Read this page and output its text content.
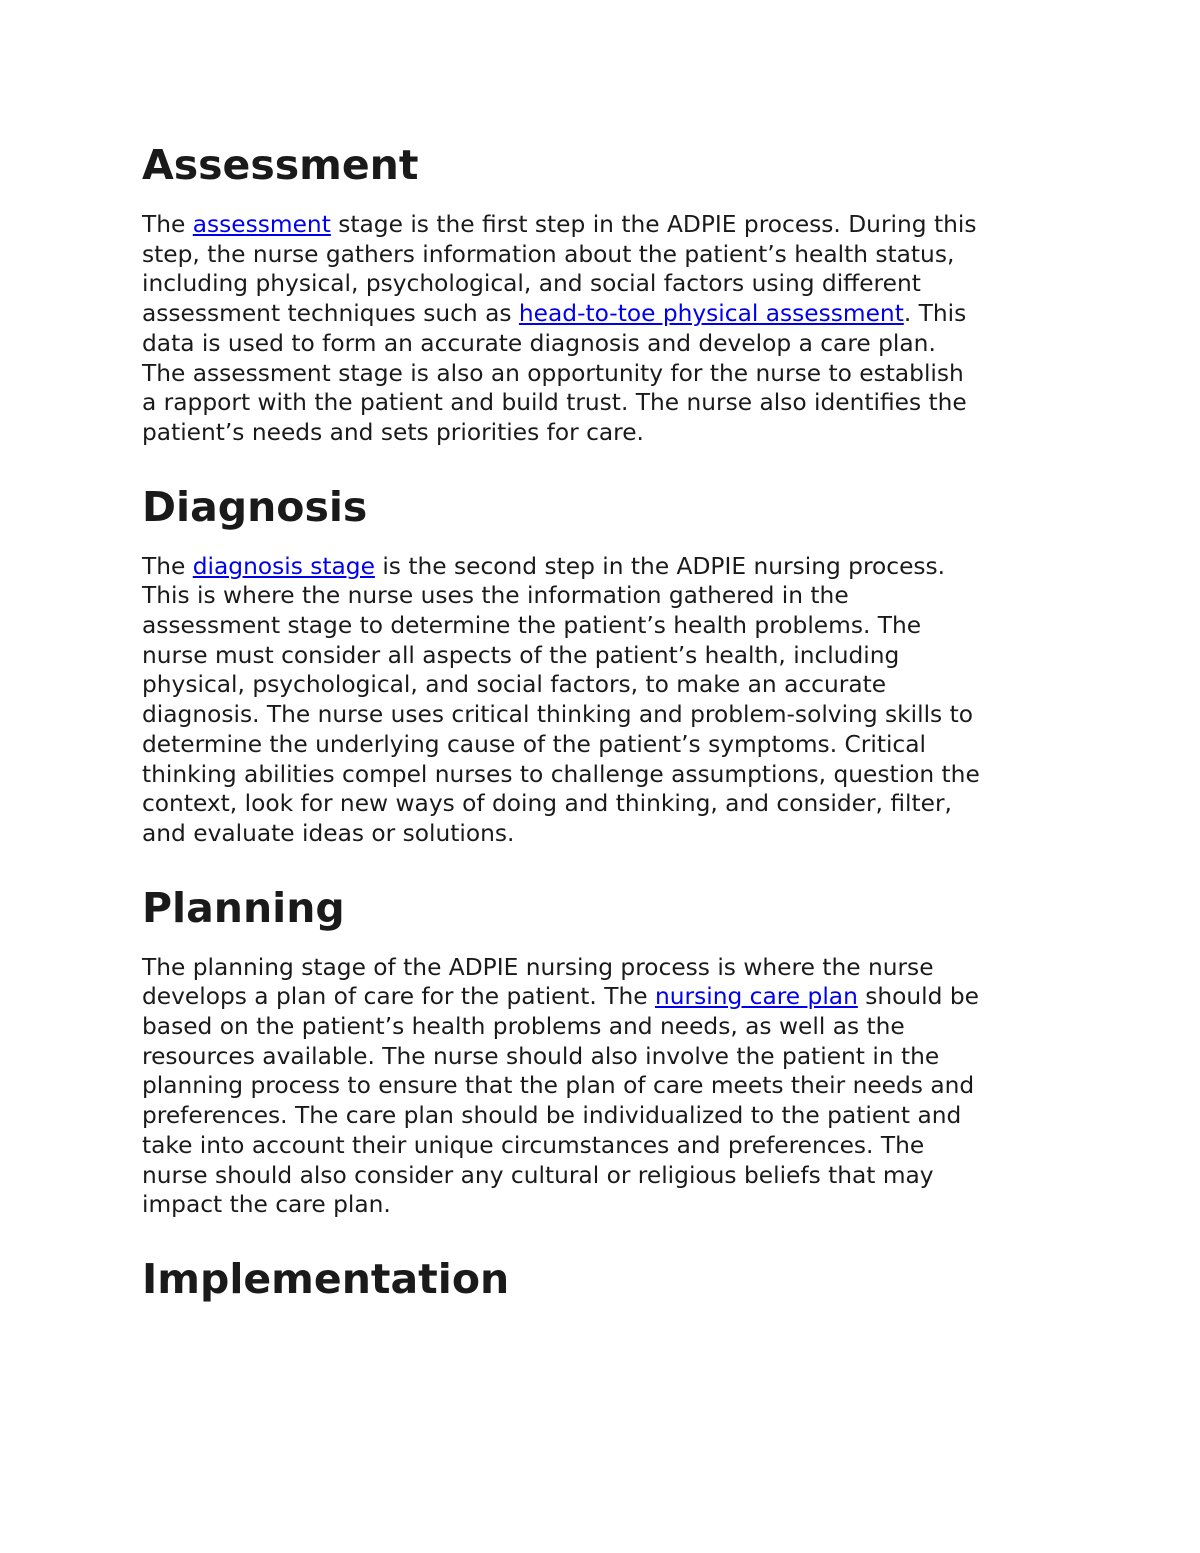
Assessment

The assessment stage is the first step in the ADPIE process. During this
step, the nurse gathers information about the patient’s health status,
including physical, psychological, and social factors using different
assessment techniques such as head-to-toe physical assessment. This
data is used to form an accurate diagnosis and develop a care plan.
The assessment stage is also an opportunity for the nurse to establish
a rapport with the patient and build trust. The nurse also identifies the
patient’s needs and sets priorities for care.

Diagnosis

The diagnosis stage is the second step in the ADPIE nursing process.
This is where the nurse uses the information gathered in the
assessment stage to determine the patient’s health problems. The
nurse must consider all aspects of the patient’s health, including
physical, psychological, and social factors, to make an accurate
diagnosis. The nurse uses critical thinking and problem-solving skills to
determine the underlying cause of the patient’s symptoms. Critical
thinking abilities compel nurses to challenge assumptions, question the
context, look for new ways of doing and thinking, and consider, filter,
and evaluate ideas or solutions.

Planning

The planning stage of the ADPIE nursing process is where the nurse
develops a plan of care for the patient. The nursing care plan should be
based on the patient’s health problems and needs, as well as the
resources available. The nurse should also involve the patient in the
planning process to ensure that the plan of care meets their needs and
preferences. The care plan should be individualized to the patient and
take into account their unique circumstances and preferences. The
nurse should also consider any cultural or religious beliefs that may
impact the care plan.

Implementation
